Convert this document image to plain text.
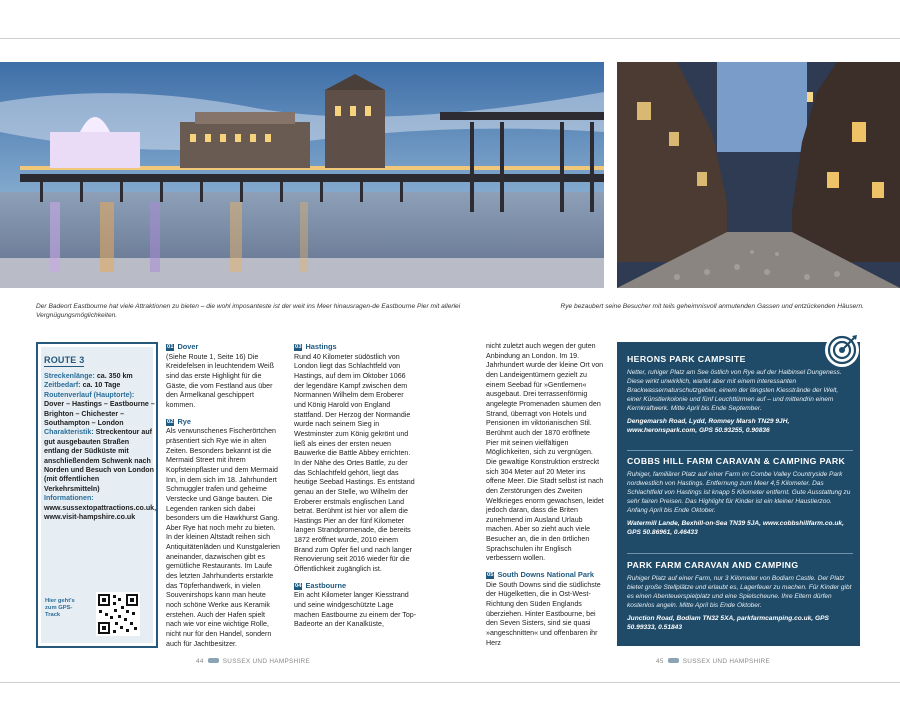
Der Badeort Eastbourne hat viele Attraktionen zu bieten – die wohl imposanteste ist der weit ins Meer hinausragen-de Eastbourne Pier mit allerlei Vergnügungsmöglichkeiten.
Rye bezaubert seine Besucher mit teils geheimnisvoll anmutenden Gassen und entzückenden Häusern.
ROUTE 3
Streckenlänge: ca. 350 km
Zeitbedarf: ca. 10 Tage
Routenverlauf (Hauptorte): Dover – Hastings – Eastbourne – Brighton – Chichester – Southampton – London
Charakteristik: Streckentour auf gut ausgebauten Straßen entlang der Südküste mit anschließendem Schwenk nach Norden und Besuch von London (mit öffentlichen Verkehrsmitteln)
Informationen:
www.sussextopattractions.co.uk,
www.visit-hampshire.co.uk
Hier geht's zum GPS-Track

01 Dover
(Siehe Route 1, Seite 16) Die Kreidefelsen in leuchtendem Weiß sind das erste Highlight für die Gäste, die vom Festland aus über den Ärmelkanal geschippert kommen.

02 Rye
Als verwunschenes Fischerörtchen präsentiert sich Rye wie in alten Zeiten. Besonders bekannt ist die Mermaid Street mit ihrem Kopfsteinpflaster und dem Mermaid Inn, in dem sich im 18. Jahrhundert Schmuggler trafen und geheime Verstecke und Gänge bauten. Die Legenden ranken sich dabei besonders um die Hawkhurst Gang. Aber Rye hat noch mehr zu bieten. In der kleinen Altstadt reihen sich Antiquitätenläden und Kunstgalerien aneinander, dazwischen gibt es gemütliche Restaurants. Im Laufe des letzten Jahrhunderts erstarkte das Töpferhandwerk, in vielen Souvenirshops kann man heute noch schöne Werke aus Keramik erstehen. Auch der Hafen spielt nach wie vor eine wichtige Rolle, nicht nur für den Handel, sondern auch für Jachtbesitzer.

03 Hastings
Rund 40 Kilometer südöstlich von London liegt das Schlachtfeld von Hastings, auf dem im Oktober 1066 der legendäre Kampf zwischen dem Normannen Wilhelm dem Eroberer und König Harold von England stattfand. Der Herzog der Normandie wurde nach seinem Sieg in Westminster zum König gekrönt und ließ als eines der ersten neuen Bauwerke die Battle Abbey errichten. In der Nähe des Ortes Battle, zu der das Schlachtfeld gehört, liegt das heutige Seebad Hastings. Es entstand genau an der Stelle, wo Wilhelm der Eroberer erstmals englischen Land betrat. Berühmt ist hier vor allem die Hastings Pier an der fünf Kilometer langen Strandpromenade, die bereits 1872 eröffnet wurde, 2010 einem Brand zum Opfer fiel und nach langer Renovierung seit 2016 wieder für die Öffentlichkeit zugänglich ist.

04 Eastbourne
Ein acht Kilometer langer Kiesstrand und seine windgeschützte Lage machen Eastbourne zu einem der Top-Badeorte an der Kanalküste,

nicht zuletzt auch wegen der guten Anbindung an London. Im 19. Jahrhundert wurde der kleine Ort von den Landeigentümern gezielt zu einem Seebad für »Gentlemen« ausgebaut. Drei terrassenförmig angelegte Promenaden säumen den Strand, überragt von Hotels und Pensionen im viktorianischen Stil. Berühmt auch der 1870 eröffnete Pier mit seinen vielfältigen Möglichkeiten, sich zu vergnügen. Die gewaltige Konstruktion erstreckt sich 304 Meter auf 20 Meter ins offene Meer. Die Stadt selbst ist nach den Zerstörungen des Zweiten Weltkrieges enorm gewachsen, leidet jedoch daran, dass die Briten zunehmend im Ausland Urlaub machen. Aber so zieht auch viele Besucher an, die in den örtlichen Sprachschulen ihr Englisch verbessern wollen.

05 South Downs National Park
Die South Downs sind die südlichste der Hügelketten, die in Ost-West-Richtung den Süden Englands überziehen. Hinter Eastbourne, bei den Seven Sisters, sind sie quasi »angeschnitten« und offenbaren ihr Herz

HERONS PARK CAMPSITE
Netter, ruhiger Platz am See östlich von Rye auf der Halbinsel Dungeness. Diese wirkt unwirklich, wartet aber mit einem interessanten Brackwassernaturschutzgebiet, einem der längsten Kiesstrände der Welt, einer Künstlerkolonie und fünf Leuchttürmen auf – und mittendrin einem Kernkraftwerk. Mitte April bis Ende September.
Dengemarsh Road, Lydd, Romney Marsh TN29 9JH, www.heronspark.com, GPS 50.93255, 0.90836
COBBS HILL FARM CARAVAN & CAMPING PARK
Ruhiger, familiärer Platz auf einer Farm im Combe Valley Countryside Park nordwestlich von Hastings. Entfernung zum Meer 4,5 Kilometer. Das Schlachtfeld von Hastings ist knapp 5 Kilometer entfernt. Gute Ausstattung zu sehr fairen Preisen. Das Highlight für Kinder ist ein kleiner Haustierzoo. Anfang April bis Ende Oktober.
Watermill Lande, Bexhill-on-Sea TN39 5JA, www.cobbshillfarm.co.uk, GPS 50.86961, 0.46433
PARK FARM CARAVAN AND CAMPING
Ruhiger Platz auf einer Farm, nur 3 Kilometer von Bodiam Castle. Der Platz bietet große Stellplätze und erlaubt es, Lagerfeuer zu machen. Für Kinder gibt es einen Abenteuerspielplatz und eine Spielscheune. Ihre Eltern dürfen kostenlos angeln. Mitte April bis Ende Oktober.
Junction Road, Bodiam TN32 5XA, parkfarmcamping.co.uk, GPS 50.99333, 0.51843
44	SUSSEX UND HAMPSHIRE	45	SUSSEX UND HAMPSHIRE
